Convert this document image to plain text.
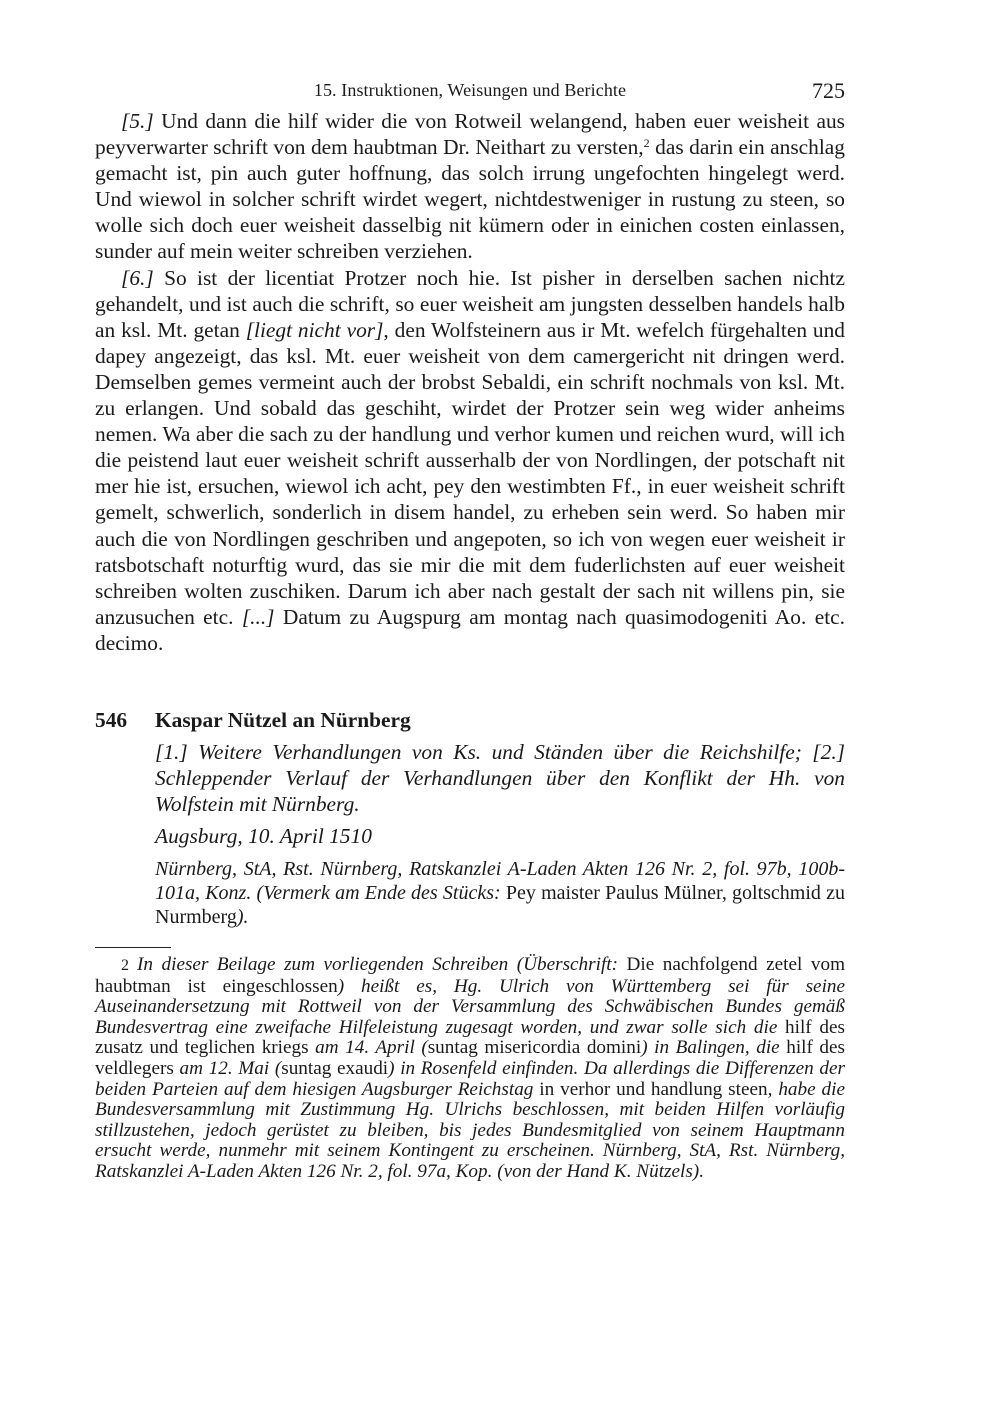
15. Instruktionen, Weisungen und Berichte	725

[5.] Und dann die hilf wider die von Rotweil welangend, haben euer weisheit aus peyverwarter schrift von dem haubtman Dr. Neithart zu versten,$^2$ das darin ein anschlag gemacht ist, pin auch guter hoffnung, das solch irrung ungefochten hingelegt werd. Und wiewol in solcher schrift wirdet wegert, nichtdestweniger in rustung zu steen, so wolle sich doch euer weisheit dasselbig nit kümern oder in einichen costen einlassen, sunder auf mein weiter schreiben verziehen.

[6.] So ist der licentiat Protzer noch hie. Ist pisher in derselben sachen nichtz gehandelt, und ist auch die schrift, so euer weisheit am jungsten desselben handels halb an ksl. Mt. getan [liegt nicht vor], den Wolfsteinern aus ir Mt. wefelch fürgehalten und dapey angezeigt, das ksl. Mt. euer weisheit von dem camergericht nit dringen werd. Demselben gemes vermeint auch der brobst Sebaldi, ein schrift nochmals von ksl. Mt. zu erlangen. Und sobald das geschiht, wirdet der Protzer sein weg wider anheims nemen. Wa aber die sach zu der handlung und verhor kumen und reichen wurd, will ich die peistend laut euer weisheit schrift ausserhalb der von Nordlingen, der potschaft nit mer hie ist, ersuchen, wiewol ich acht, pey den westimbten Ff., in euer weisheit schrift gemelt, schwerlich, sonderlich in disem handel, zu erheben sein werd. So haben mir auch die von Nordlingen geschriben und angepoten, so ich von wegen euer weisheit ir ratsbotschaft noturftig wurd, das sie mir die mit dem fuderlichsten auf euer weisheit schreiben wolten zuschiken. Darum ich aber nach gestalt der sach nit willens pin, sie anzusuchen etc. [...] Datum zu Augspurg am montag nach quasimodogeniti Ao. etc. decimo.

546	Kaspar Nützel an Nürnberg

[1.] Weitere Verhandlungen von Ks. und Ständen über die Reichshilfe; [2.] Schleppender Verlauf der Verhandlungen über den Konflikt der Hh. von Wolfstein mit Nürnberg.

Augsburg, 10. April 1510

Nürnberg, StA, Rst. Nürnberg, Ratskanzlei A-Laden Akten 126 Nr. 2, fol. 97b, 100b-101a, Konz. (Vermerk am Ende des Stücks: Pey maister Paulus Mülner, goltschmid zu Nurmberg).

2 In dieser Beilage zum vorliegenden Schreiben (Überschrift: Die nachfolgend zetel vom haubtman ist eingeschlossen) heißt es, Hg. Ulrich von Württemberg sei für seine Auseinandersetzung mit Rottweil von der Versammlung des Schwäbischen Bundes gemäß Bundesvertrag eine zweifache Hilfeleistung zugesagt worden, und zwar solle sich die hilf des zusatz und teglichen kriegs am 14. April (suntag misericordia domini) in Balingen, die hilf des veldlegers am 12. Mai (suntag exaudi) in Rosenfeld einfinden. Da allerdings die Differenzen der beiden Parteien auf dem hiesigen Augsburger Reichstag in verhor und handlung steen, habe die Bundesversammlung mit Zustimmung Hg. Ulrichs beschlossen, mit beiden Hilfen vorläufig stillzustehen, jedoch gerüstet zu bleiben, bis jedes Bundesmitglied von seinem Hauptmann ersucht werde, nunmehr mit seinem Kontingent zu erscheinen. Nürnberg, StA, Rst. Nürnberg, Ratskanzlei A-Laden Akten 126 Nr. 2, fol. 97a, Kop. (von der Hand K. Nützels).
